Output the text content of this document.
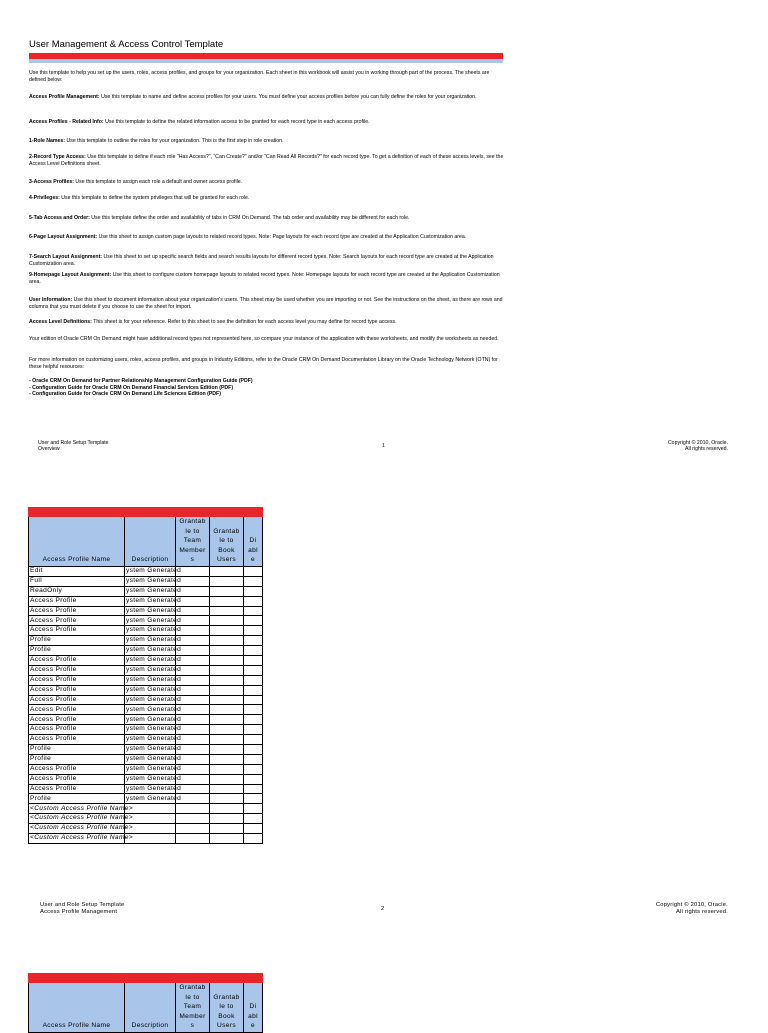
User Management & Access Control Template

Use this template to help you set up the users, roles, access profiles, and groups for your organization. Each sheet in this workbook will assist you in working through part of the process. The sheets are defined below:

Access Profile Management: Use this template to name and define access profiles for your users. You must define your access profiles before you can fully define the roles for your organization.

Access Profiles - Related Info: Use this template to define the related information access to be granted for each record type in each access profile.

1-Role Names: Use this template to outline the roles for your organization. This is the first step in role creation.

2-Record Type Access: Use this template to define if each role "Has Access?", "Can Create?" and/or "Can Read All Records?" for each record type. To get a definition of each of these access levels, see the Access Level Definitions sheet.

3-Access Profiles: Use this template to assign each role a default and owner access profile.

4-Privileges: Use this template to define the system privileges that will be granted for each role.

5-Tab Access and Order: Use this template define the order and availability of tabs in CRM On Demand. The tab order and availability may be different for each role.

6-Page Layout Assignment: Use this sheet to assign custom page layouts to related record types. Note: Page layouts for each record type are created at the Application Customization area.

7-Search Layout Assignment: Use this sheet to set up specific search fields and search results layouts for different record types. Note: Search layouts for each record type are created at the Application Customization area.

9-Homepage Layout Assignment: Use this sheet to configure custom homepage layouts to related record types. Note: Homepage layouts for each record type are created at the Application Customization area.

User Information: Use this sheet to document information about your organization's users. This sheet may be used whether you are importing or not. See the instructions on the sheet, as there are rows and columns that you must delete if you choose to use the sheet for import.

Access Level Definitions: This sheet is for your reference. Refer to this sheet to see the definition for each access level you may define for record type access.

Your edition of Oracle CRM On Demand might have additional record types not represented here, so compare your instance of the application with these worksheets, and modify the worksheets as needed.

For more information on customizing users, roles, access profiles, and groups in Industry Editions, refer to the Oracle CRM On Demand Documentation Library on the Oracle Technology Network (OTN) for these helpful resources:

- Oracle CRM On Demand for Partner Relationship Management Configuration Guide (PDF)
- Configuration Guide for Oracle CRM On Demand Financial Services Edition (PDF)
- Configuration Guide for Oracle CRM On Demand Life Sciences Edition (PDF)

User and Role Setup Template
Overview
1	Copyright © 2010, Oracle.
All rights reserved.

Access Profile Name	Description	Grantab le to Team Member s	Grantab le to Book Users	Di abl e
Edit	ystem Generated			
Full	ystem Generated			
ReadOnly	ystem Generated			
Access Profile	ystem Generated			
Access Profile	ystem Generated			
Access Profile	ystem Generated			
Access Profile	ystem Generated			
Profile	ystem Generated			
Profile	ystem Generated			
Access Profile	ystem Generated			
Access Profile	ystem Generated			
Access Profile	ystem Generated			
Access Profile	ystem Generated			
Access Profile	ystem Generated			
Access Profile	ystem Generated			
Access Profile	ystem Generated			
Access Profile	ystem Generated			
Access Profile	ystem Generated			
Profile	ystem Generated			
Profile	ystem Generated			
Access Profile	ystem Generated			
Access Profile	ystem Generated			
Access Profile	ystem Generated			
Profile	ystem Generated			
<Custom Access Profile Name>				
<Custom Access Profile Name>				
<Custom Access Profile Name>				
<Custom Access Profile Name>				
User and Role Setup Template
Access Profile Management	2
Copyright © 2010, Oracle.
All rights reserved.

Access Profile Name	Description	Grantab le to Team Member s	Grantab le to Book Users	Di abl e
